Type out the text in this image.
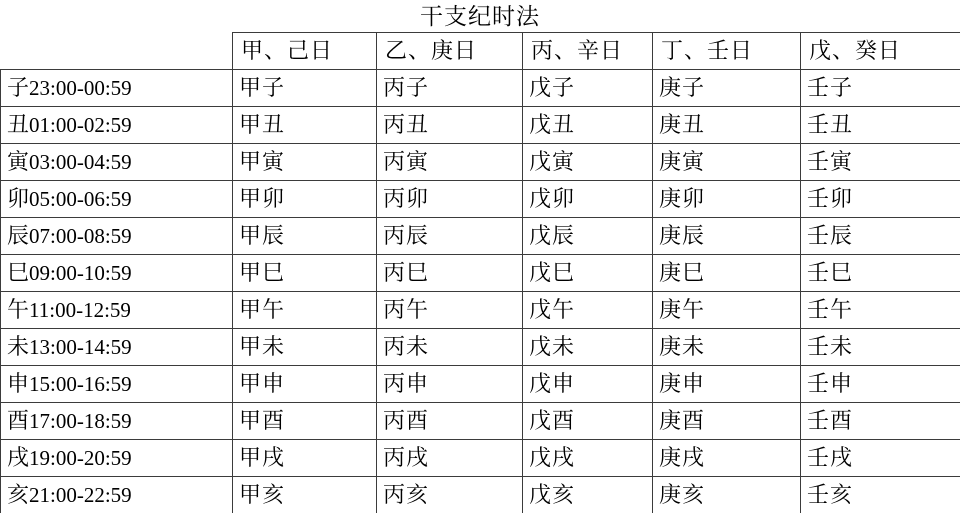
干支纪时法
	甲、己日	乙、庚日	丙、辛日	丁、壬日	戊、癸日
子23:00-00:59	甲子	丙子	戊子	庚子	壬子
丑01:00-02:59	甲丑	丙丑	戊丑	庚丑	壬丑
寅03:00-04:59	甲寅	丙寅	戊寅	庚寅	壬寅
卯05:00-06:59	甲卯	丙卯	戊卯	庚卯	壬卯
辰07:00-08:59	甲辰	丙辰	戊辰	庚辰	壬辰
巳09:00-10:59	甲巳	丙巳	戊巳	庚巳	壬巳
午11:00-12:59	甲午	丙午	戊午	庚午	壬午
未13:00-14:59	甲未	丙未	戊未	庚未	壬未
申15:00-16:59	甲申	丙申	戊申	庚申	壬申
酉17:00-18:59	甲酉	丙酉	戊酉	庚酉	壬酉
戌19:00-20:59	甲戌	丙戌	戊戌	庚戌	壬戌
亥21:00-22:59	甲亥	丙亥	戊亥	庚亥	壬亥
